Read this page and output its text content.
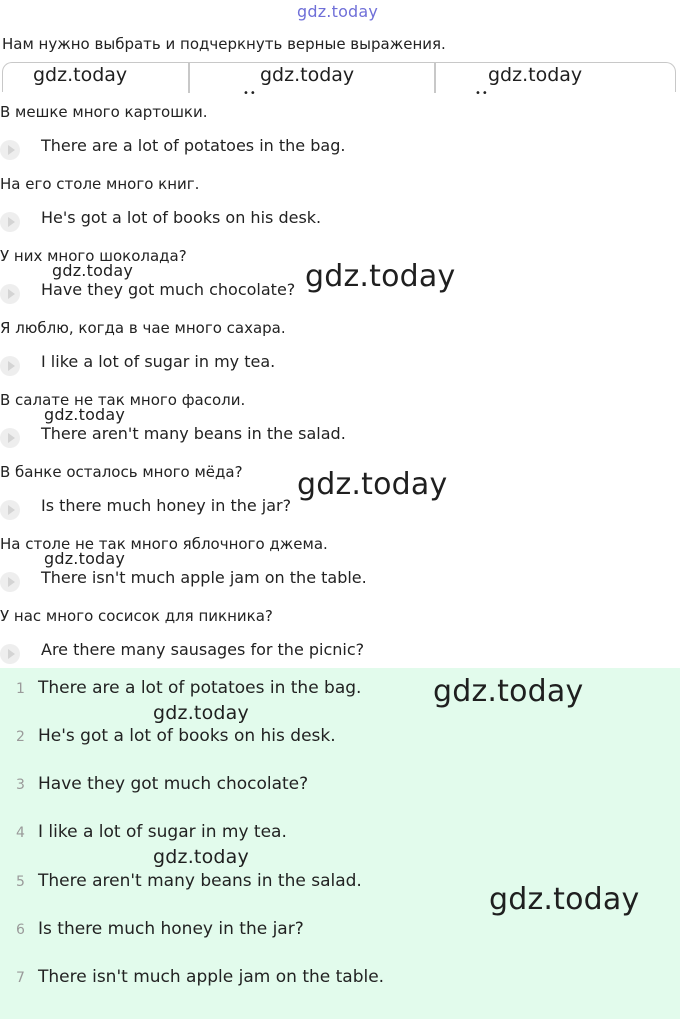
gdz.today
Нам нужно выбрать и подчеркнуть верные выражения.
gdz.today	gdz.today	gdz.today
••	••
В мешке много картошки.
There are a lot of potatoes in the bag.
На его столе много книг.
He's got a lot of books on his desk.
У них много шоколада?
gdz.today
Have they got much chocolate? gdz.today
Я люблю, когда в чае много сахара.
I like a lot of sugar in my tea.
В салате не так много фасоли.
gdz.today
There aren't many beans in the salad.
В банке осталось много мёда? gdz.today
Is there much honey in the jar?
На столе не так много яблочного джема.
gdz.today
There isn't much apple jam on the table.
У нас много сосисок для пикника?
Are there many sausages for the picnic?
1 There are a lot of potatoes in the bag. gdz.today
gdz.today
2 He's got a lot of books on his desk.
3 Have they got much chocolate?
4 I like a lot of sugar in my tea.
gdz.today
5 There aren't many beans in the salad.
gdz.today
6 Is there much honey in the jar?
7 There isn't much apple jam on the table.
